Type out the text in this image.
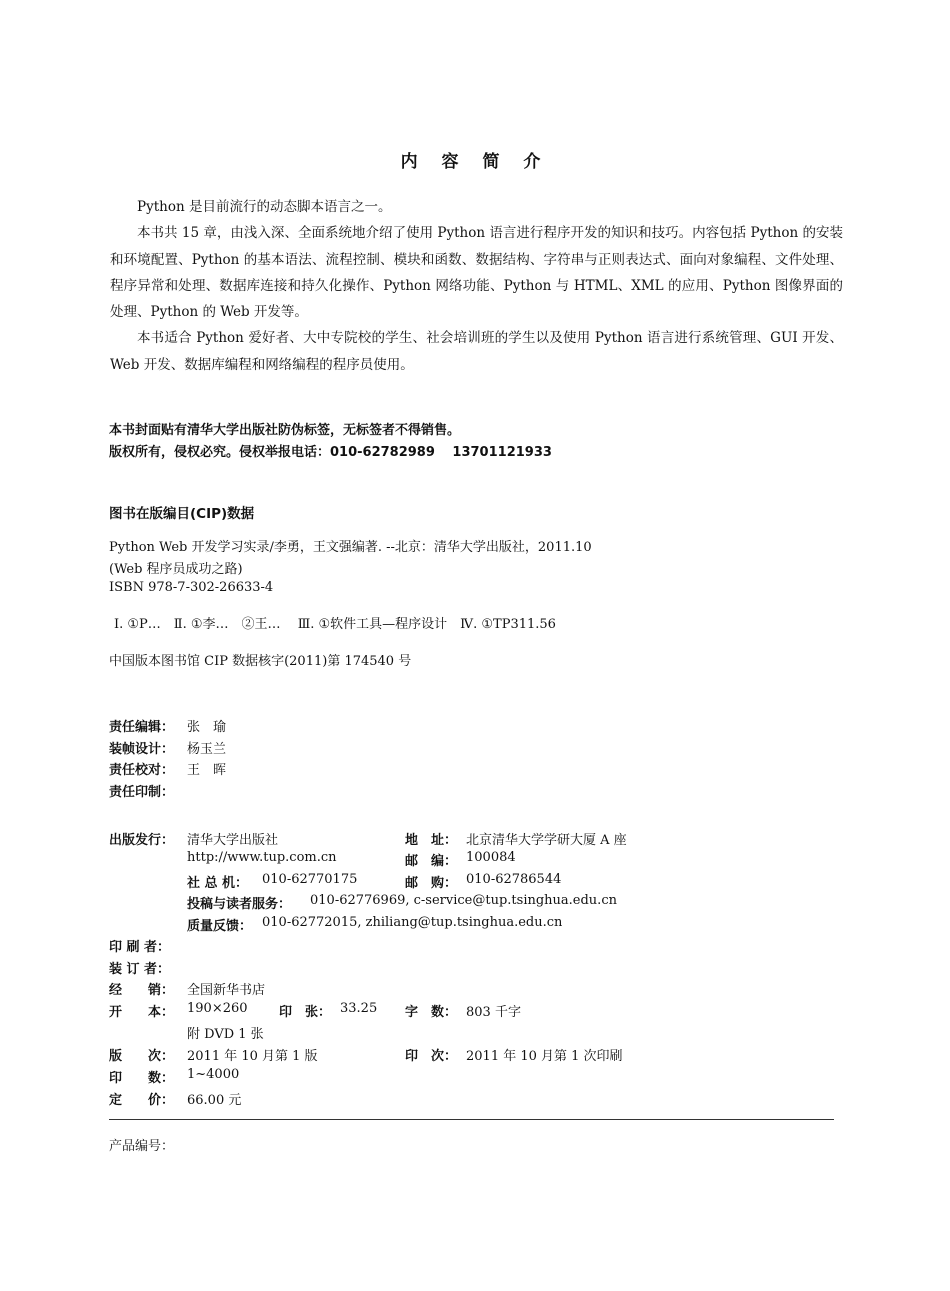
内 容 简 介

Python 是目前流行的动态脚本语言之一。

本书共 15 章，由浅入深、全面系统地介绍了使用 Python 语言进行程序开发的知识和技巧。内容包括 Python 的安装和环境配置、Python 的基本语法、流程控制、模块和函数、数据结构、字符串与正则表达式、面向对象编程、文件处理、程序异常和处理、数据库连接和持久化操作、Python 网络功能、Python 与 HTML、XML 的应用、Python 图像界面的处理、Python 的 Web 开发等。

本书适合 Python 爱好者、大中专院校的学生、社会培训班的学生以及使用 Python 语言进行系统管理、GUI 开发、Web 开发、数据库编程和网络编程的程序员使用。

本书封面贴有清华大学出版社防伪标签，无标签者不得销售。
版权所有，侵权必究。侵权举报电话：010-62782989　 13701121933
图书在版编目(CIP)数据
Python Web 开发学习实录/李勇，王文强编著. --北京：清华大学出版社，2011.10
(Web 程序员成功之路)
ISBN 978-7-302-26633-4
Ⅰ. ①P…　Ⅱ. ①李…　②王…　 Ⅲ. ①软件工具—程序设计　Ⅳ. ①TP311.56
中国版本图书馆 CIP 数据核字(2011)第 174540 号
责任编辑： 张　瑜
装帧设计： 杨玉兰
责任校对： 王　晖
责任印制：
出版发行： 清华大学出版社	地　址： 北京清华大学学研大厦 A 座
http://www.tup.com.cn	邮　编： 100084
社 总 机： 010-62770175	邮　购： 010-62786544
投稿与读者服务： 010-62776969, c-service@tup.tsinghua.edu.cn
质量反馈： 010-62772015, zhiliang@tup.tsinghua.edu.cn
印 刷 者：
装 订 者：
经　　销： 全国新华书店
开　　本： 190×260 印　张： 33.25 字　数： 803 千字
附 DVD 1 张
版　　次： 2011 年 10 月第 1 版	印　次： 2011 年 10 月第 1 次印刷
印　　数： 1~4000
定　　价： 66.00 元
产品编号：
